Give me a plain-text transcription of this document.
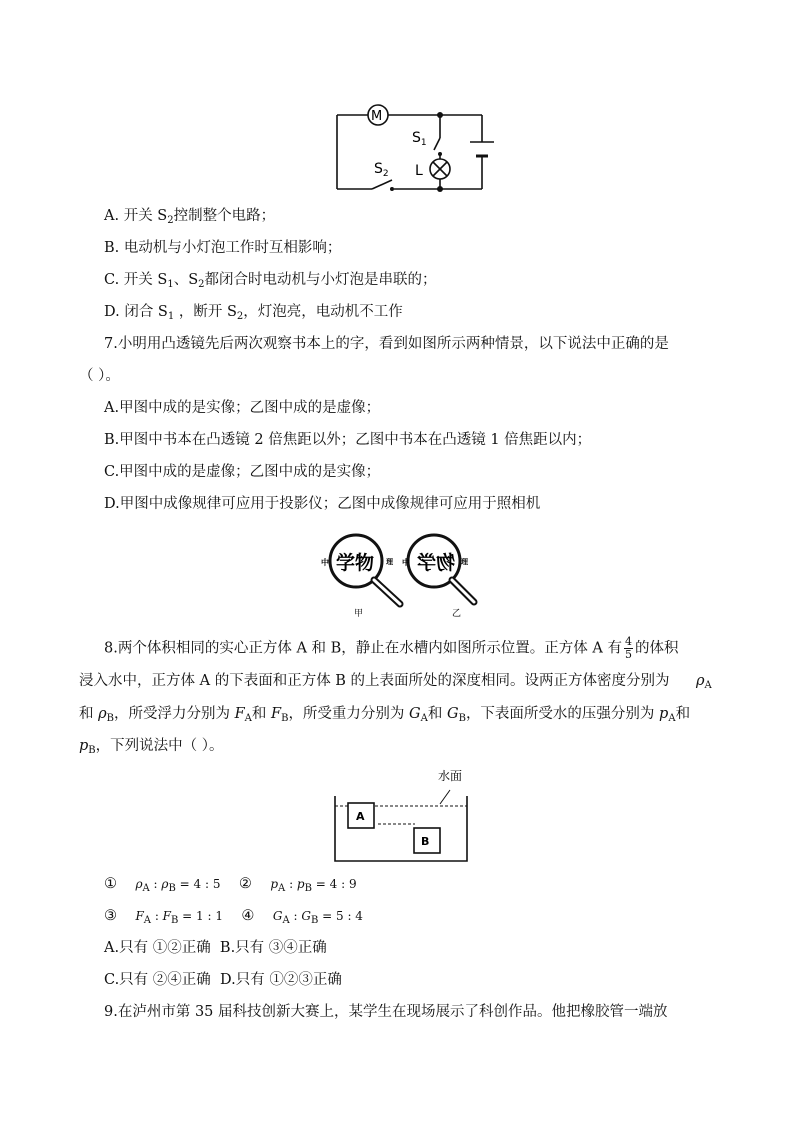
M
$S_1$
L
$S_2$
A. 开关 $S_2$控制整个电路；
B. 电动机与小灯泡工作时互相影响；
C. 开关 $S_1$、$S_2$都闭合时电动机与小灯泡是串联的；
D. 闭合 $S_1$ ，断开 $S_2$，灯泡亮，电动机不工作
7.小明用凸透镜先后两次观察书本上的字，看到如图所示两种情景，以下说法中正确的是
（ ）。
A.甲图中成的是实像；乙图中成的是虚像；
B.甲图中书本在凸透镜 2 倍焦距以外；乙图中书本在凸透镜 1 倍焦距以内；
C.甲图中成的是虚像；乙图中成的是实像；
D.甲图中成像规律可应用于投影仪；乙图中成像规律可应用于照相机
中 学物 理
甲
中 物学 理
乙
8.两个体积相同的实心正方体 A 和 B，静止在水槽内如图所示位置。正方体 A 有 $\frac{4}{5}$ 的体积
浸入水中，正方体 A 的下表面和正方体 B 的上表面所处的深度相同。设两正方体密度分别为
和 $\rho_B$，所受浮力分别为 $F_A$和 $F_B$，所受重力分别为 $G_A$和 $G_B$，下表面所受水的压强分别为 $p_A$和
$p_B$，下列说法中（ ）。
$\rho_A$
水面
A
B
① $\rho_A$ : $\rho_B = 4$ : 5 ② $p_A$ : $p_B = 4$ : 9
③ $F_A$ : $F_B = 1$ : 1 ④ $G_A$ : $G_B = 5$ : 4
A.只有 ①②正确 B.只有 ③④正确
C.只有 ②④正确 D.只有 ①②③正确
9.在泸州市第 35 届科技创新大赛上，某学生在现场展示了科创作品。他把橡胶管一端放
